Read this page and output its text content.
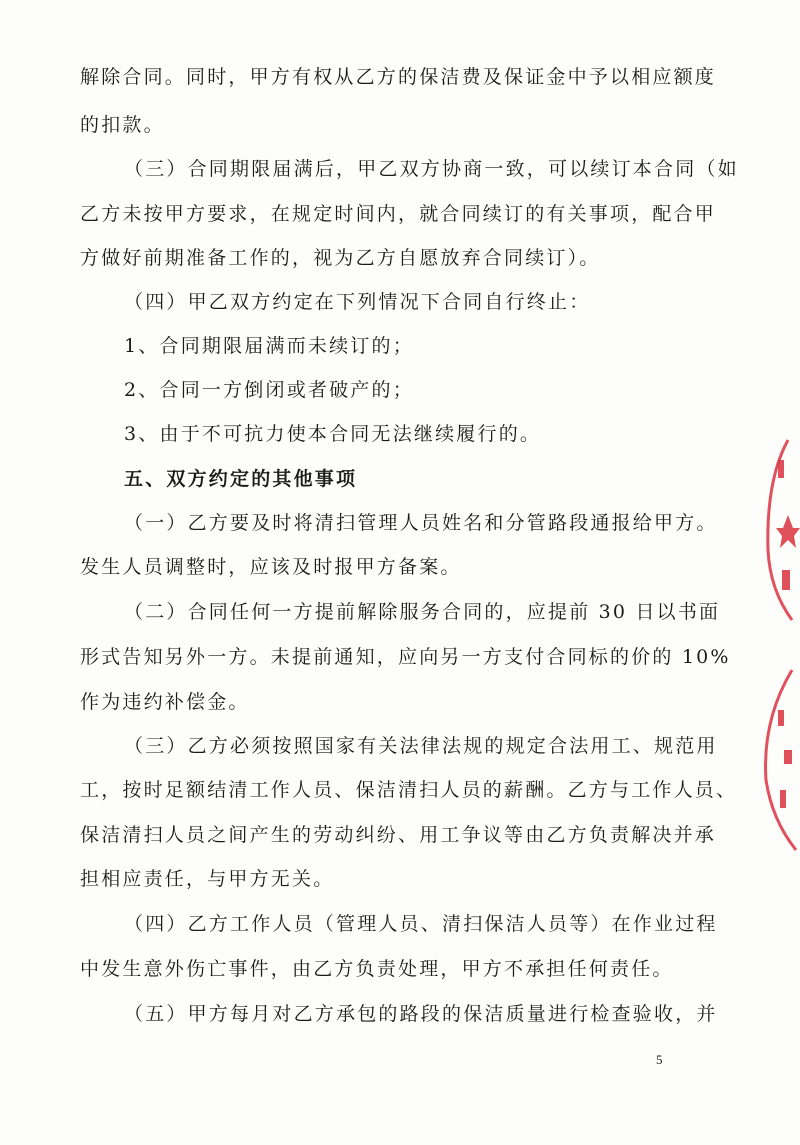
解除合同。同时，甲方有权从乙方的保洁费及保证金中予以相应额度
的扣款。
（三）合同期限届满后，甲乙双方协商一致，可以续订本合同（如
乙方未按甲方要求，在规定时间内，就合同续订的有关事项，配合甲
方做好前期准备工作的，视为乙方自愿放弃合同续订）。
（四）甲乙双方约定在下列情况下合同自行终止：
1、合同期限届满而未续订的；
2、合同一方倒闭或者破产的；
3、由于不可抗力使本合同无法继续履行的。
五、双方约定的其他事项
（一）乙方要及时将清扫管理人员姓名和分管路段通报给甲方。
发生人员调整时，应该及时报甲方备案。
（二）合同任何一方提前解除服务合同的，应提前 30 日以书面
形式告知另外一方。未提前通知，应向另一方支付合同标的价的 10%
作为违约补偿金。
（三）乙方必须按照国家有关法律法规的规定合法用工、规范用
工，按时足额结清工作人员、保洁清扫人员的薪酬。乙方与工作人员、
保洁清扫人员之间产生的劳动纠纷、用工争议等由乙方负责解决并承
担相应责任，与甲方无关。
（四）乙方工作人员（管理人员、清扫保洁人员等）在作业过程
中发生意外伤亡事件，由乙方负责处理，甲方不承担任何责任。
（五）甲方每月对乙方承包的路段的保洁质量进行检查验收，并
5
